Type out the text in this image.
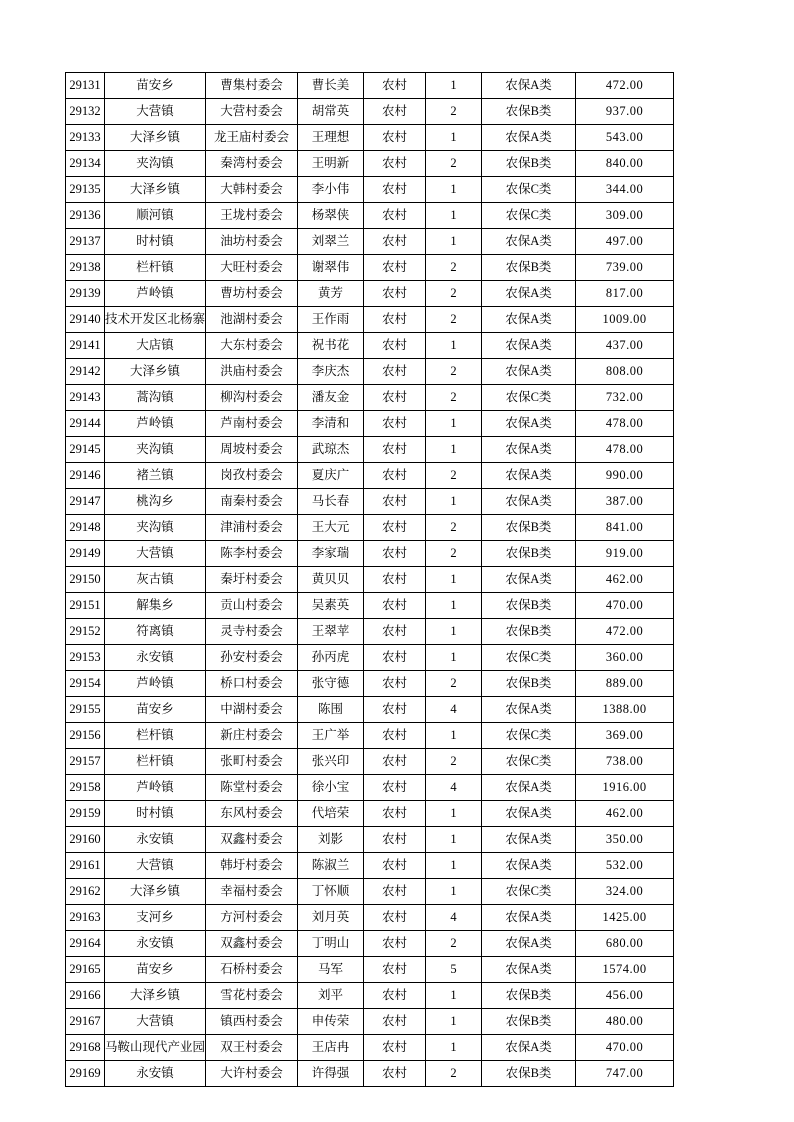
29131	苗安乡	曹集村委会	曹长美	农村	1	农保A类	472.00

29132	大营镇	大营村委会	胡常英	农村	2	农保B类	937.00

29133	大泽乡镇	龙王庙村委会	王理想	农村	1	农保A类	543.00

29134	夹沟镇	秦湾村委会	王明新	农村	2	农保B类	840.00

29135	大泽乡镇	大韩村委会	李小伟	农村	1	农保C类	344.00

29136	顺河镇	王垅村委会	杨翠侠	农村	1	农保C类	309.00

29137	时村镇	油坊村委会	刘翠兰	农村	1	农保A类	497.00

29138	栏杆镇	大旺村委会	谢翠伟	农村	2	农保B类	739.00

29139	芦岭镇	曹坊村委会	黄芳	农村	2	农保A类	817.00

29140	技术开发区北杨寨	池湖村委会	王作雨	农村	2	农保A类	1009.00

29141	大店镇	大东村委会	祝书花	农村	1	农保A类	437.00

29142	大泽乡镇	洪庙村委会	李庆杰	农村	2	农保A类	808.00

29143	蒿沟镇	柳沟村委会	潘友金	农村	2	农保C类	732.00

29144	芦岭镇	芦南村委会	李清和	农村	1	农保A类	478.00

29145	夹沟镇	周坡村委会	武琼杰	农村	1	农保A类	478.00

29146	褚兰镇	岗孜村委会	夏庆广	农村	2	农保A类	990.00

29147	桃沟乡	南秦村委会	马长春	农村	1	农保A类	387.00

29148	夹沟镇	津浦村委会	王大元	农村	2	农保B类	841.00

29149	大营镇	陈李村委会	李家瑞	农村	2	农保B类	919.00

29150	灰古镇	秦圩村委会	黄贝贝	农村	1	农保A类	462.00

29151	解集乡	贡山村委会	吴素英	农村	1	农保B类	470.00

29152	符离镇	灵寺村委会	王翠苹	农村	1	农保B类	472.00

29153	永安镇	孙安村委会	孙丙虎	农村	1	农保C类	360.00

29154	芦岭镇	桥口村委会	张守德	农村	2	农保B类	889.00

29155	苗安乡	中湖村委会	陈围	农村	4	农保A类	1388.00

29156	栏杆镇	新庄村委会	王广举	农村	1	农保C类	369.00

29157	栏杆镇	张町村委会	张兴印	农村	2	农保C类	738.00

29158	芦岭镇	陈堂村委会	徐小宝	农村	4	农保A类	1916.00

29159	时村镇	东风村委会	代培荣	农村	1	农保A类	462.00

29160	永安镇	双鑫村委会	刘影	农村	1	农保A类	350.00

29161	大营镇	韩圩村委会	陈淑兰	农村	1	农保A类	532.00

29162	大泽乡镇	幸福村委会	丁怀顺	农村	1	农保C类	324.00

29163	支河乡	方河村委会	刘月英	农村	4	农保A类	1425.00

29164	永安镇	双鑫村委会	丁明山	农村	2	农保A类	680.00

29165	苗安乡	石桥村委会	马军	农村	5	农保A类	1574.00

29166	大泽乡镇	雪花村委会	刘平	农村	1	农保B类	456.00

29167	大营镇	镇西村委会	申传荣	农村	1	农保B类	480.00

29168	马鞍山现代产业园	双王村委会	王店冉	农村	1	农保A类	470.00

29169	永安镇	大许村委会	许得强	农村	2	农保B类	747.00
